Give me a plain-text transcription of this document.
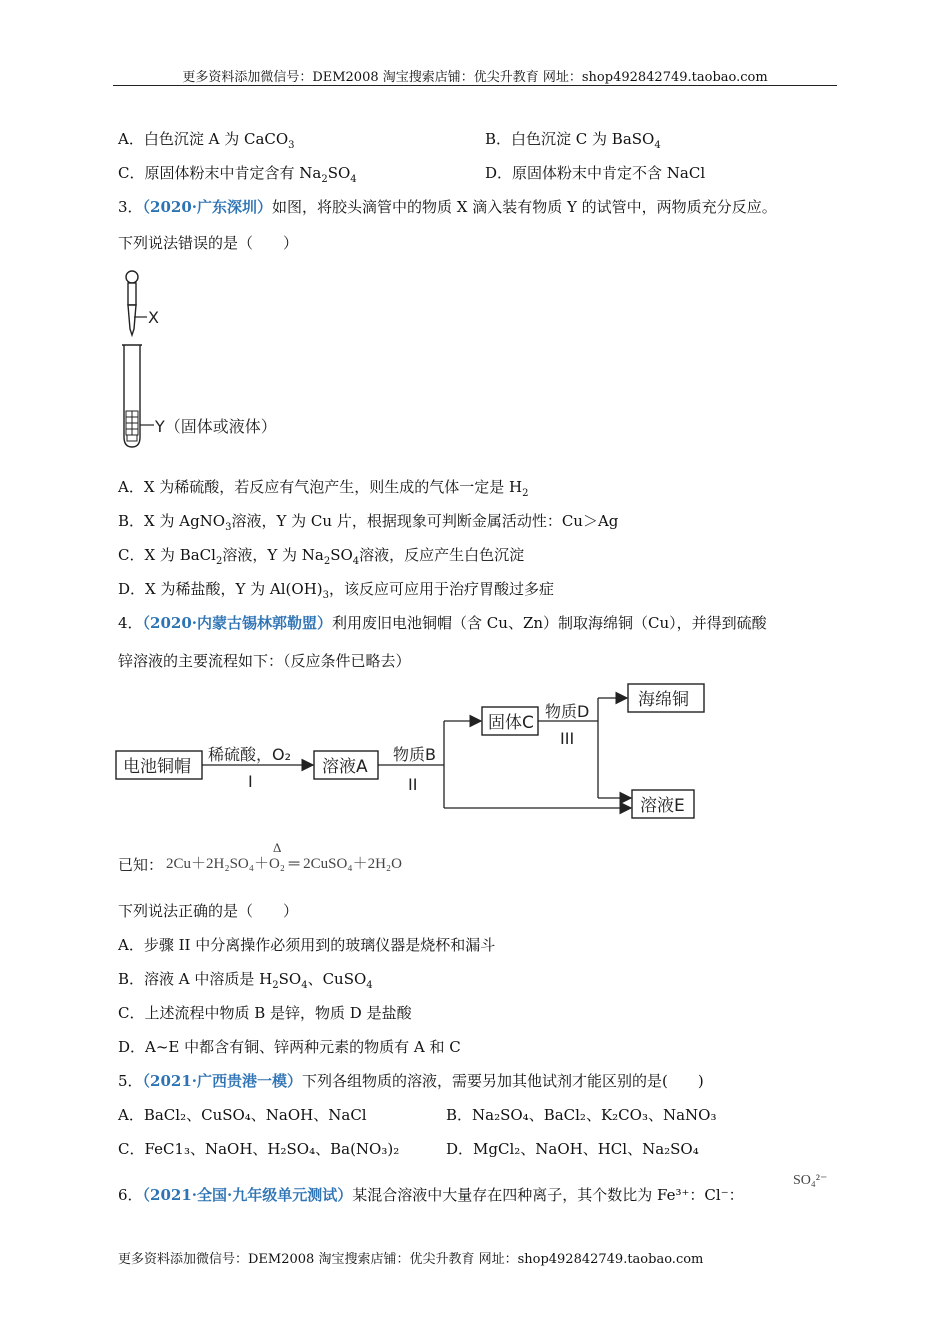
更多资料添加微信号：DEM2008 淘宝搜索店铺：优尖升教育 网址：shop492842749.taobao.com
A．白色沉淀 A 为 CaCO$_3$	B．白色沉淀 C 为 BaSO$_4$
C．原固体粉末中肯定含有 $Na_2SO_4$	D．原固体粉末中肯定不含 NaCl
3．（2020·广东深圳）如图，将胶头滴管中的物质 X 滴入装有物质 Y 的试管中，两物质充分反应。
下列说法错误的是（　　）
X
Y（固体或液体）
A．X 为稀硫酸，若反应有气泡产生，则生成的气体一定是 $H_2$
B．X 为 AgNO$_3$溶液，Y 为 Cu 片，根据现象可判断金属活动性：Cu＞Ag
C．X 为 BaCl$_2$溶液，Y 为 $Na_2SO_4$溶液，反应产生白色沉淀
D．X 为稀盐酸，Y 为 $Al(OH)_3$，该反应可应用于治疗胃酸过多症
4．（2020·内蒙古锡林郭勒盟）利用废旧电池铜帽（含 Cu、Zn）制取海绵铜（Cu），并得到硫酸
锌溶液的主要流程如下：（反应条件已略去）
电池铜帽	溶液A
固体C
海绵铜
溶液E
稀硫酸，O₂
I
物质B
II
物质D
III
已知：
Δ
2Cu＋2H₂SO₄＋O₂ ═ 2CuSO₄＋2H₂O
下列说法正确的是（　　）
A．步骤 II 中分离操作必须用到的玻璃仪器是烧杯和漏斗
B．溶液 A 中溶质是 $H_2SO_4$、CuSO$_4$
C．上述流程中物质 B 是锌，物质 D 是盐酸
D．A~E 中都含有铜、锌两种元素的物质有 A 和 C
5．（2021·广西贵港一模）下列各组物质的溶液，需要另加其他试剂才能区别的是(　　)
A．BaCl₂、CuSO₄、NaOH、NaCl	B．Na₂SO₄、BaCl₂、K₂CO₃、NaNO₃
C．FeC1₃、NaOH、H₂SO₄、Ba(NO₃)₂	D．MgCl₂、NaOH、HCl、Na₂SO₄
6．（2021·全国·九年级单元测试）某混合溶液中大量存在四种离子，其个数比为 Fe³⁺：Cl⁻：
SO₄²⁻
更多资料添加微信号：DEM2008 淘宝搜索店铺：优尖升教育 网址：shop492842749.taobao.com
